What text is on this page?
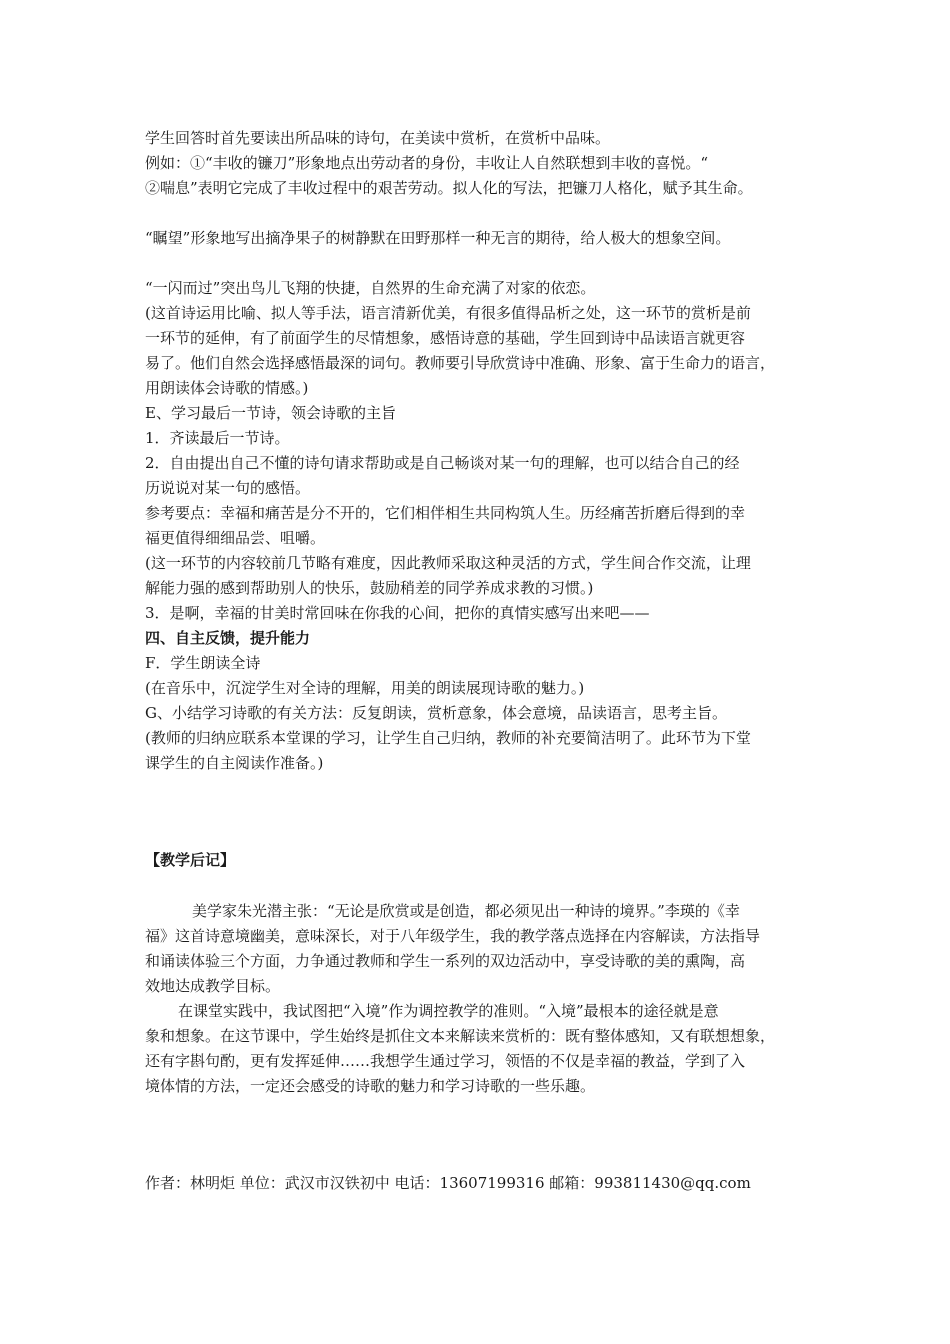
学生回答时首先要读出所品味的诗句，在美读中赏析，在赏析中品味。
例如：①“丰收的镰刀”形象地点出劳动者的身份，丰收让人自然联想到丰收的喜悦。“
②喘息”表明它完成了丰收过程中的艰苦劳动。拟人化的写法，把镰刀人格化，赋予其生命。
“瞩望”形象地写出摘净果子的树静默在田野那样一种无言的期待，给人极大的想象空间。
“一闪而过”突出鸟儿飞翔的快捷，自然界的生命充满了对家的依恋。
(这首诗运用比喻、拟人等手法，语言清新优美，有很多值得品析之处，这一环节的赏析是前
一环节的延伸，有了前面学生的尽情想象，感悟诗意的基础，学生回到诗中品读语言就更容
易了。他们自然会选择感悟最深的词句。教师要引导欣赏诗中准确、形象、富于生命力的语言，
用朗读体会诗歌的情感。)
E、学习最后一节诗，领会诗歌的主旨
1．齐读最后一节诗。
2．自由提出自己不懂的诗句请求帮助或是自己畅谈对某一句的理解，也可以结合自己的经
历说说对某一句的感悟。
参考要点：幸福和痛苦是分不开的，它们相伴相生共同构筑人生。历经痛苦折磨后得到的幸
福更值得细细品尝、咀嚼。
(这一环节的内容较前几节略有难度，因此教师采取这种灵活的方式，学生间合作交流，让理
解能力强的感到帮助别人的快乐，鼓励稍差的同学养成求教的习惯。)
3．是啊，幸福的甘美时常回味在你我的心间，把你的真情实感写出来吧——
四、自主反馈，提升能力
F．学生朗读全诗
(在音乐中，沉淀学生对全诗的理解，用美的朗读展现诗歌的魅力。)
G、小结学习诗歌的有关方法：反复朗读，赏析意象，体会意境，品读语言，思考主旨。
(教师的归纳应联系本堂课的学习，让学生自己归纳，教师的补充要简洁明了。此环节为下堂
课学生的自主阅读作准备。)
【教学后记】
美学家朱光潜主张：“无论是欣赏或是创造，都必须见出一种诗的境界。”李瑛的《幸
福》这首诗意境幽美，意味深长，对于八年级学生，我的教学落点选择在内容解读，方法指导
和诵读体验三个方面，力争通过教师和学生一系列的双边活动中，享受诗歌的美的熏陶，高
效地达成教学目标。
在课堂实践中，我试图把“入境”作为调控教学的准则。“入境”最根本的途径就是意
象和想象。在这节课中，学生始终是抓住文本来解读来赏析的：既有整体感知，又有联想想象，
还有字斟句酌，更有发挥延伸……我想学生通过学习，领悟的不仅是幸福的教益，学到了入
境体情的方法，一定还会感受的诗歌的魅力和学习诗歌的一些乐趣。
作者：林明炬 单位：武汉市汉铁初中 电话：13607199316 邮箱：993811430@qq.com
